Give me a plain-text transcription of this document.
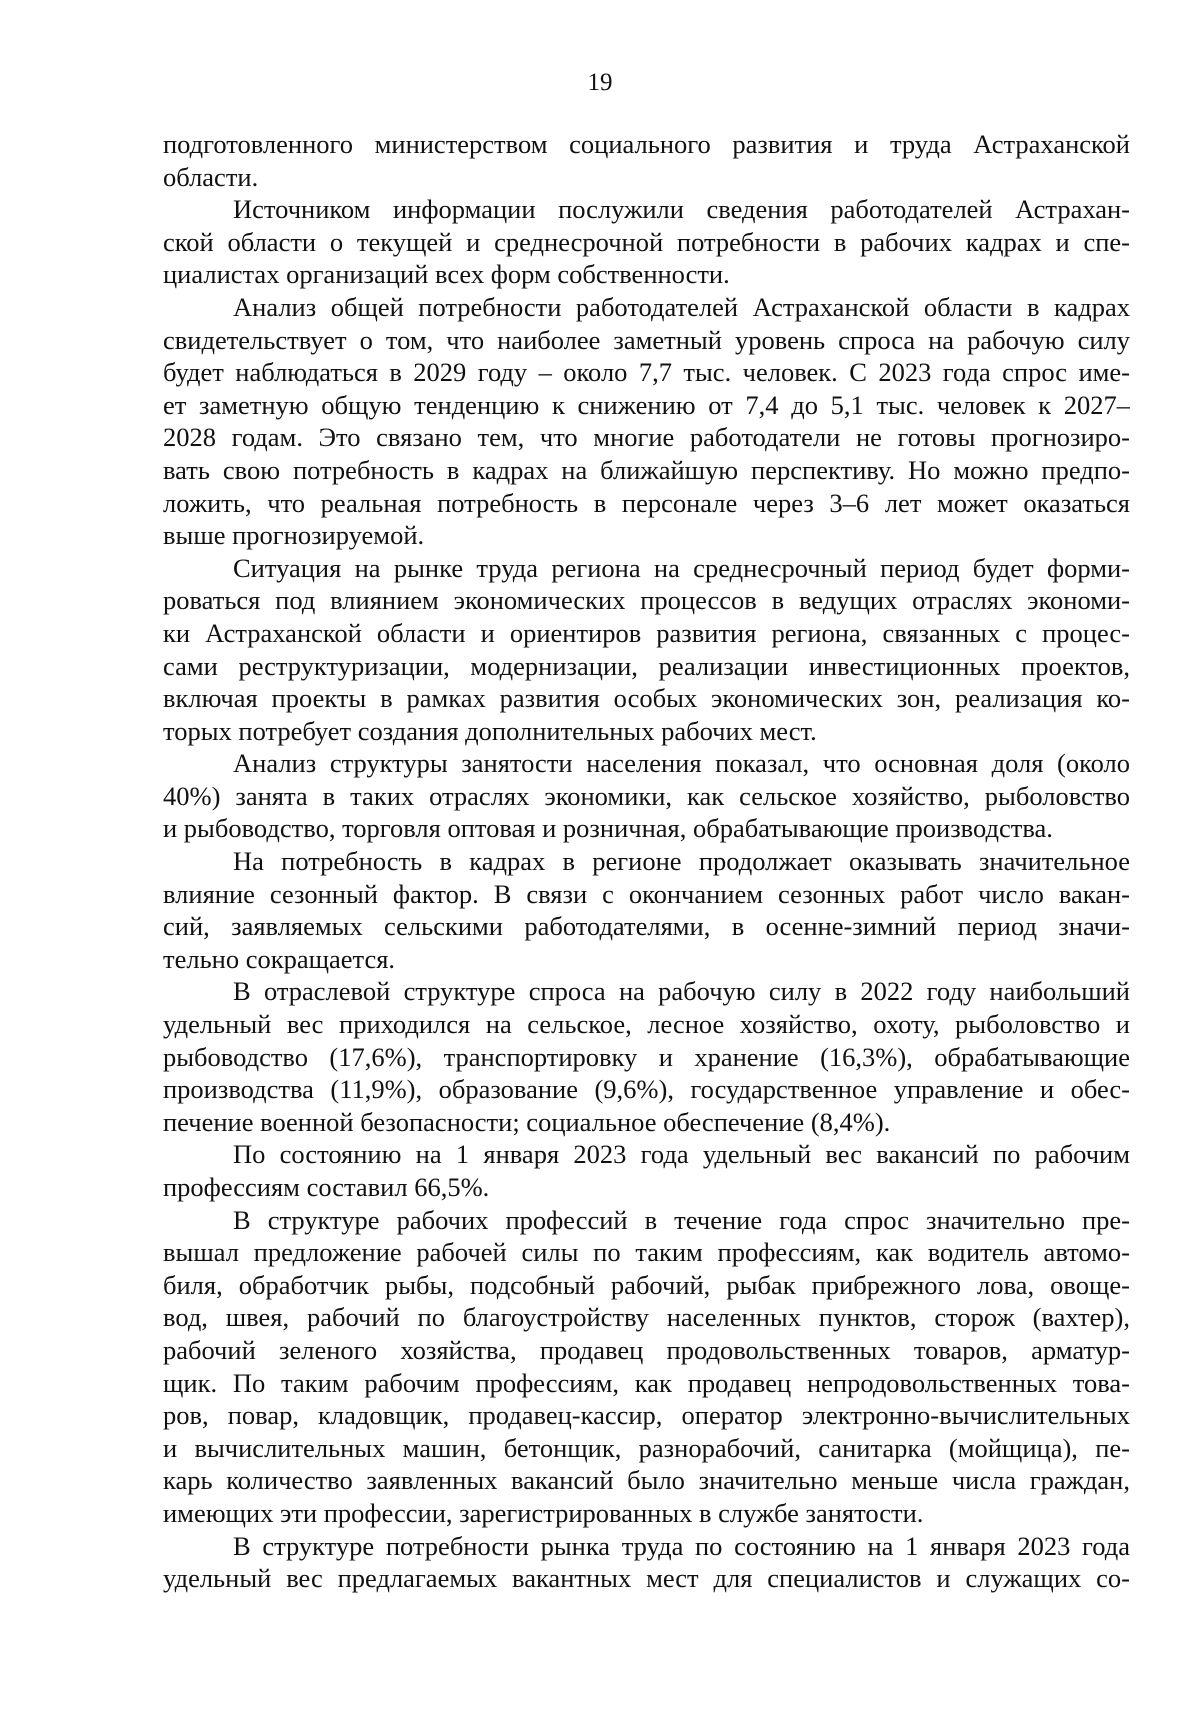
19

подготовленного министерством социального развития и труда Астраханской
области.

Источником информации послужили сведения работодателей Астрахан-
ской области о текущей и среднесрочной потребности в рабочих кадрах и спе-
циалистах организаций всех форм собственности.

Анализ общей потребности работодателей Астраханской области в кадрах
свидетельствует о том, что наиболее заметный уровень спроса на рабочую силу
будет наблюдаться в 2029 году – около 7,7 тыс. человек. С 2023 года спрос име-
ет заметную общую тенденцию к снижению от 7,4 до 5,1 тыс. человек к 2027–
2028 годам. Это связано тем, что многие работодатели не готовы прогнозиро-
вать свою потребность в кадрах на ближайшую перспективу. Но можно предпо-
ложить, что реальная потребность в персонале через 3–6 лет может оказаться
выше прогнозируемой.

Ситуация на рынке труда региона на среднесрочный период будет форми-
роваться под влиянием экономических процессов в ведущих отраслях экономи-
ки Астраханской области и ориентиров развития региона, связанных с процес-
сами реструктуризации, модернизации, реализации инвестиционных проектов,
включая проекты в рамках развития особых экономических зон, реализация ко-
торых потребует создания дополнительных рабочих мест.

Анализ структуры занятости населения показал, что основная доля (около
40%) занята в таких отраслях экономики, как сельское хозяйство, рыболовство
и рыбоводство, торговля оптовая и розничная, обрабатывающие производства.

На потребность в кадрах в регионе продолжает оказывать значительное
влияние сезонный фактор. В связи с окончанием сезонных работ число вакан-
сий, заявляемых сельскими работодателями, в осенне-зимний период значи-
тельно сокращается.

В отраслевой структуре спроса на рабочую силу в 2022 году наибольший
удельный вес приходился на сельское, лесное хозяйство, охоту, рыболовство и
рыбоводство (17,6%), транспортировку и хранение (16,3%), обрабатывающие
производства (11,9%), образование (9,6%), государственное управление и обес-
печение военной безопасности; социальное обеспечение (8,4%).

По состоянию на 1 января 2023 года удельный вес вакансий по рабочим
профессиям составил 66,5%.

В структуре рабочих профессий в течение года спрос значительно пре-
вышал предложение рабочей силы по таким профессиям, как водитель автомо-
биля, обработчик рыбы, подсобный рабочий, рыбак прибрежного лова, овоще-
вод, швея, рабочий по благоустройству населенных пунктов, сторож (вахтер),
рабочий зеленого хозяйства, продавец продовольственных товаров, арматур-
щик. По таким рабочим профессиям, как продавец непродовольственных това-
ров, повар, кладовщик, продавец-кассир, оператор электронно-вычислительных
и вычислительных машин, бетонщик, разнорабочий, санитарка (мойщица), пе-
карь количество заявленных вакансий было значительно меньше числа граждан,
имеющих эти профессии, зарегистрированных в службе занятости.

В структуре потребности рынка труда по состоянию на 1 января 2023 года
удельный вес предлагаемых вакантных мест для специалистов и служащих со-
